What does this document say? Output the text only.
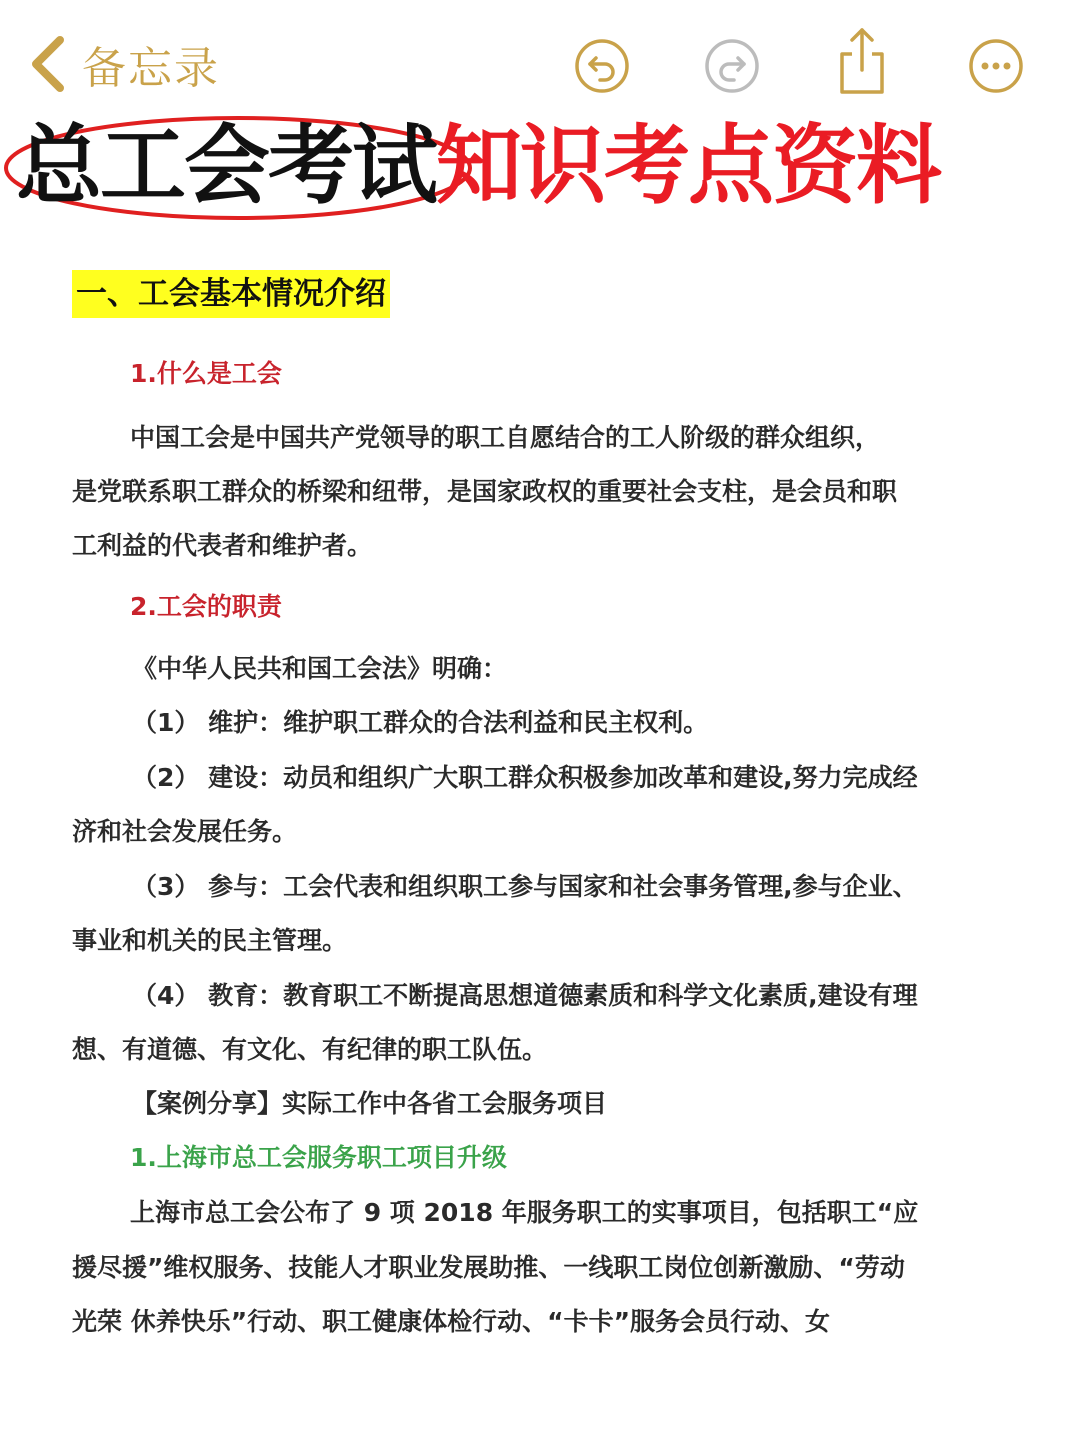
备忘录
总工会考试知识考点资料
一、工会基本情况介绍
1.什么是工会
中国工会是中国共产党领导的职工自愿结合的工人阶级的群众组织，
是党联系职工群众的桥梁和纽带，是国家政权的重要社会支柱，是会员和职
工利益的代表者和维护者。
2.工会的职责
《中华人民共和国工会法》明确：
（1） 维护：维护职工群众的合法利益和民主权利。
（2） 建设：动员和组织广大职工群众积极参加改革和建设,努力完成经
济和社会发展任务。
（3） 参与：工会代表和组织职工参与国家和社会事务管理,参与企业、
事业和机关的民主管理。
（4） 教育：教育职工不断提高思想道德素质和科学文化素质,建设有理
想、有道德、有文化、有纪律的职工队伍。
【案例分享】实际工作中各省工会服务项目
1.上海市总工会服务职工项目升级
上海市总工会公布了 9 项 2018 年服务职工的实事项目，包括职工“应
援尽援”维权服务、技能人才职业发展助推、一线职工岗位创新激励、“劳动
光荣 休养快乐”行动、职工健康体检行动、“卡卡”服务会员行动、女
